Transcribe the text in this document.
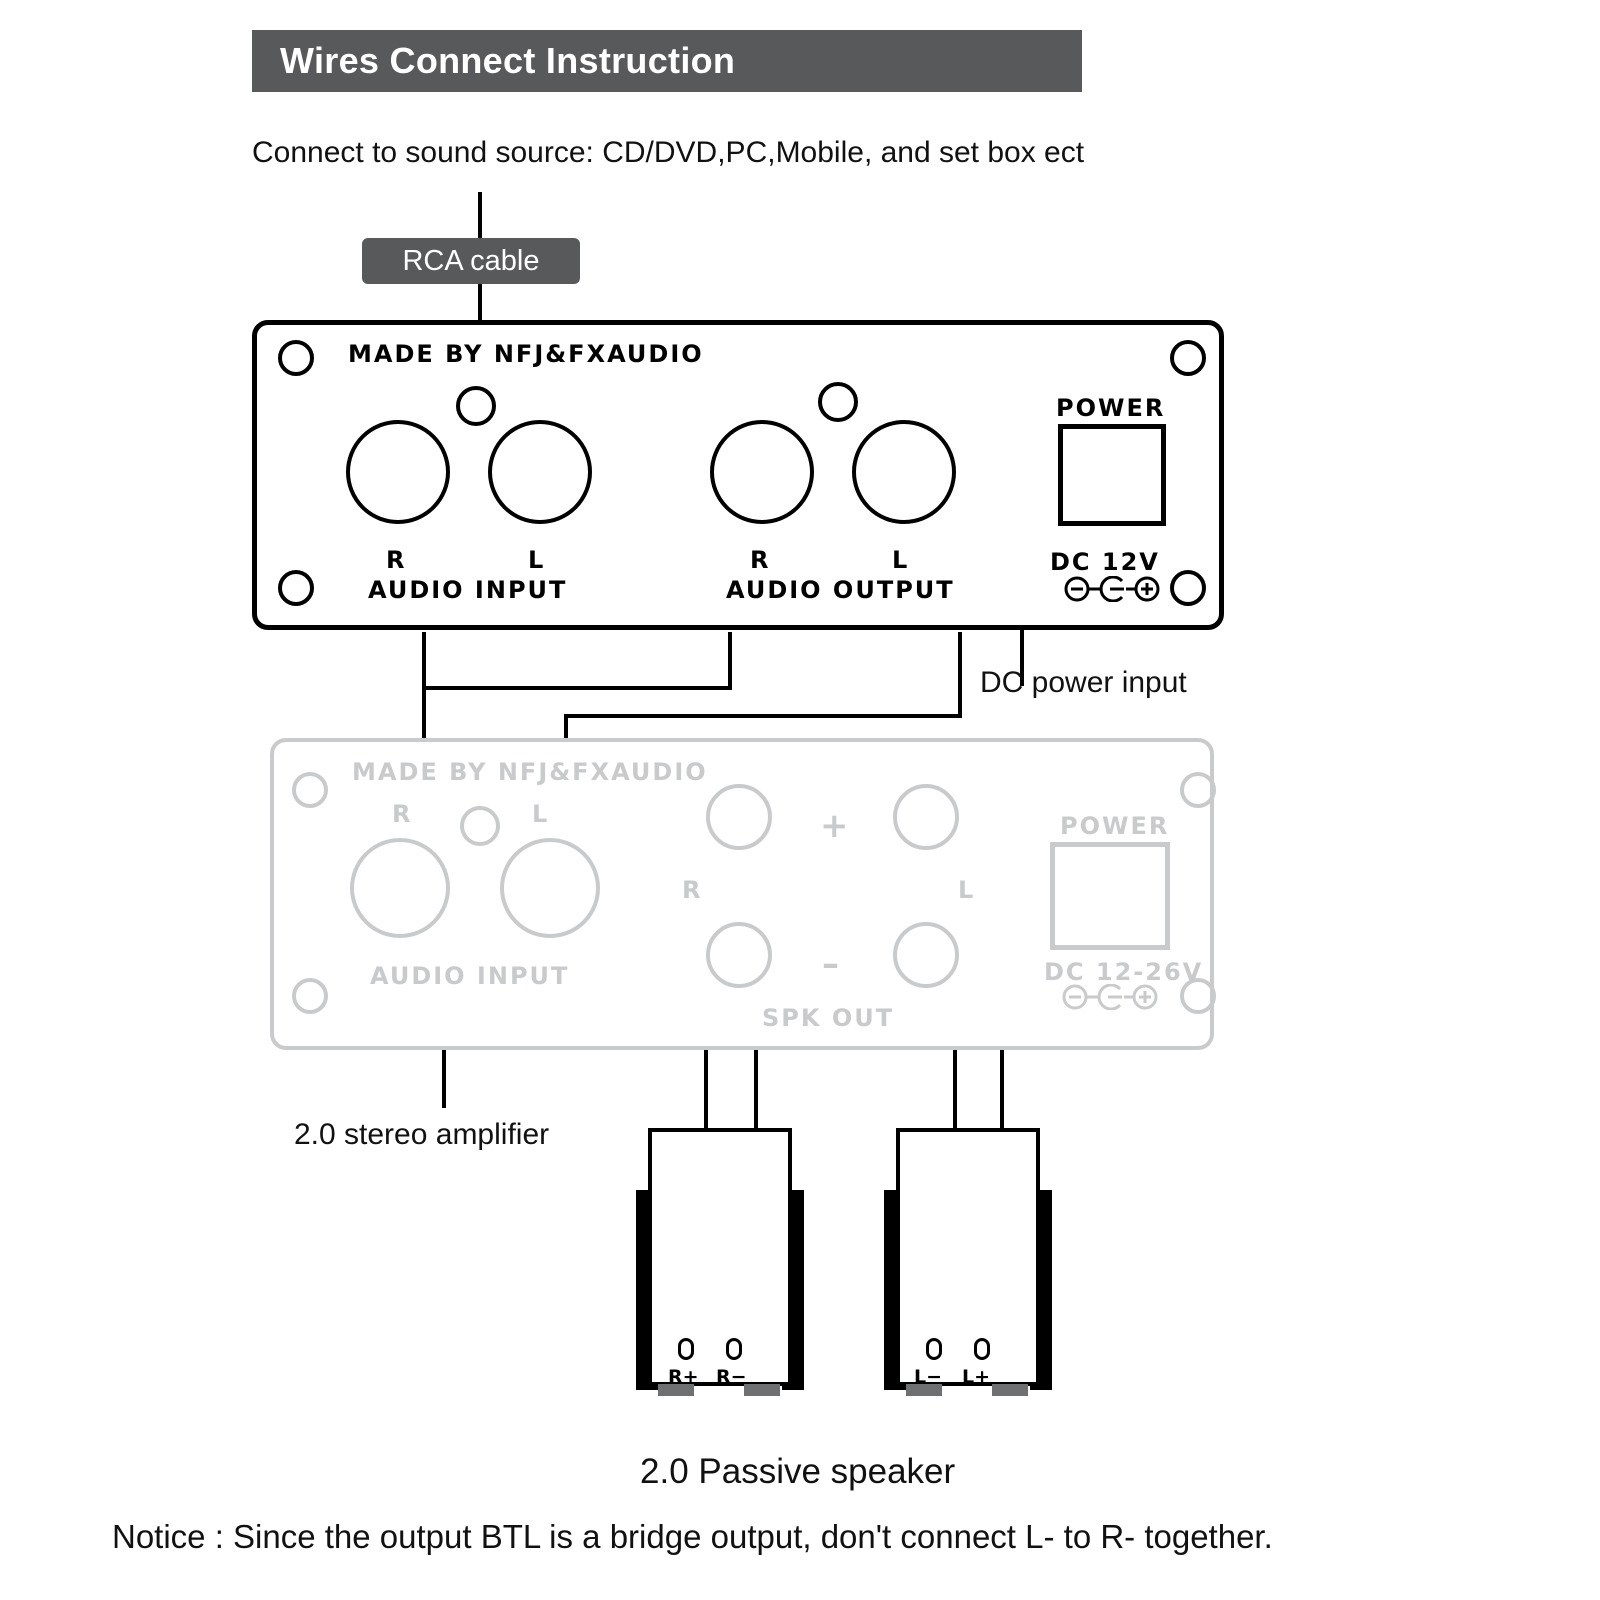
Wires Connect Instruction
Connect to sound source: CD/DVD,PC,Mobile, and set box ect
RCA cable
MADE BY NFJ&FXAUDIO
R	L
AUDIO INPUT
R	L
AUDIO OUTPUT
POWER
DC 12V
DC power input
MADE BY NFJ&FXAUDIO
R	L
AUDIO INPUT
+
–
R	L
SPK OUT
POWER
DC 12-26V
2.0 stereo amplifier
R+ R−	L− L+
2.0 Passive speaker
Notice : Since the output BTL is a bridge output, don't connect L- to R- together.
